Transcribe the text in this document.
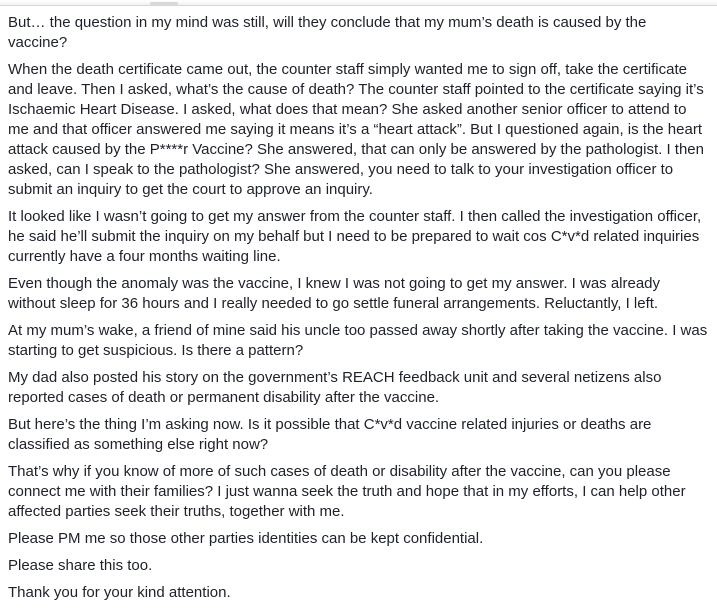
But… the question in my mind was still, will they conclude that my mum’s death is caused by the vaccine?

When the death certificate came out, the counter staff simply wanted me to sign off, take the certificate and leave. Then I asked, what’s the cause of death? The counter staff pointed to the certificate saying it’s Ischaemic Heart Disease. I asked, what does that mean? She asked another senior officer to attend to me and that officer answered me saying it means it’s a “heart attack”. But I questioned again, is the heart attack caused by the P****r Vaccine? She answered, that can only be answered by the pathologist. I then asked, can I speak to the pathologist? She answered, you need to talk to your investigation officer to submit an inquiry to get the court to approve an inquiry.

It looked like I wasn’t going to get my answer from the counter staff. I then called the investigation officer, he said he’ll submit the inquiry on my behalf but I need to be prepared to wait cos C*v*d related inquiries currently have a four months waiting line.

Even though the anomaly was the vaccine, I knew I was not going to get my answer. I was already without sleep for 36 hours and I really needed to go settle funeral arrangements. Reluctantly, I left.

At my mum’s wake, a friend of mine said his uncle too passed away shortly after taking the vaccine. I was starting to get suspicious. Is there a pattern?

My dad also posted his story on the government’s REACH feedback unit and several netizens also reported cases of death or permanent disability after the vaccine.

But here’s the thing I’m asking now. Is it possible that C*v*d vaccine related injuries or deaths are classified as something else right now?

That’s why if you know of more of such cases of death or disability after the vaccine, can you please connect me with their families? I just wanna seek the truth and hope that in my efforts, I can help other affected parties seek their truths, together with me.

Please PM me so those other parties identities can be kept confidential.

Please share this too.

Thank you for your kind attention.
